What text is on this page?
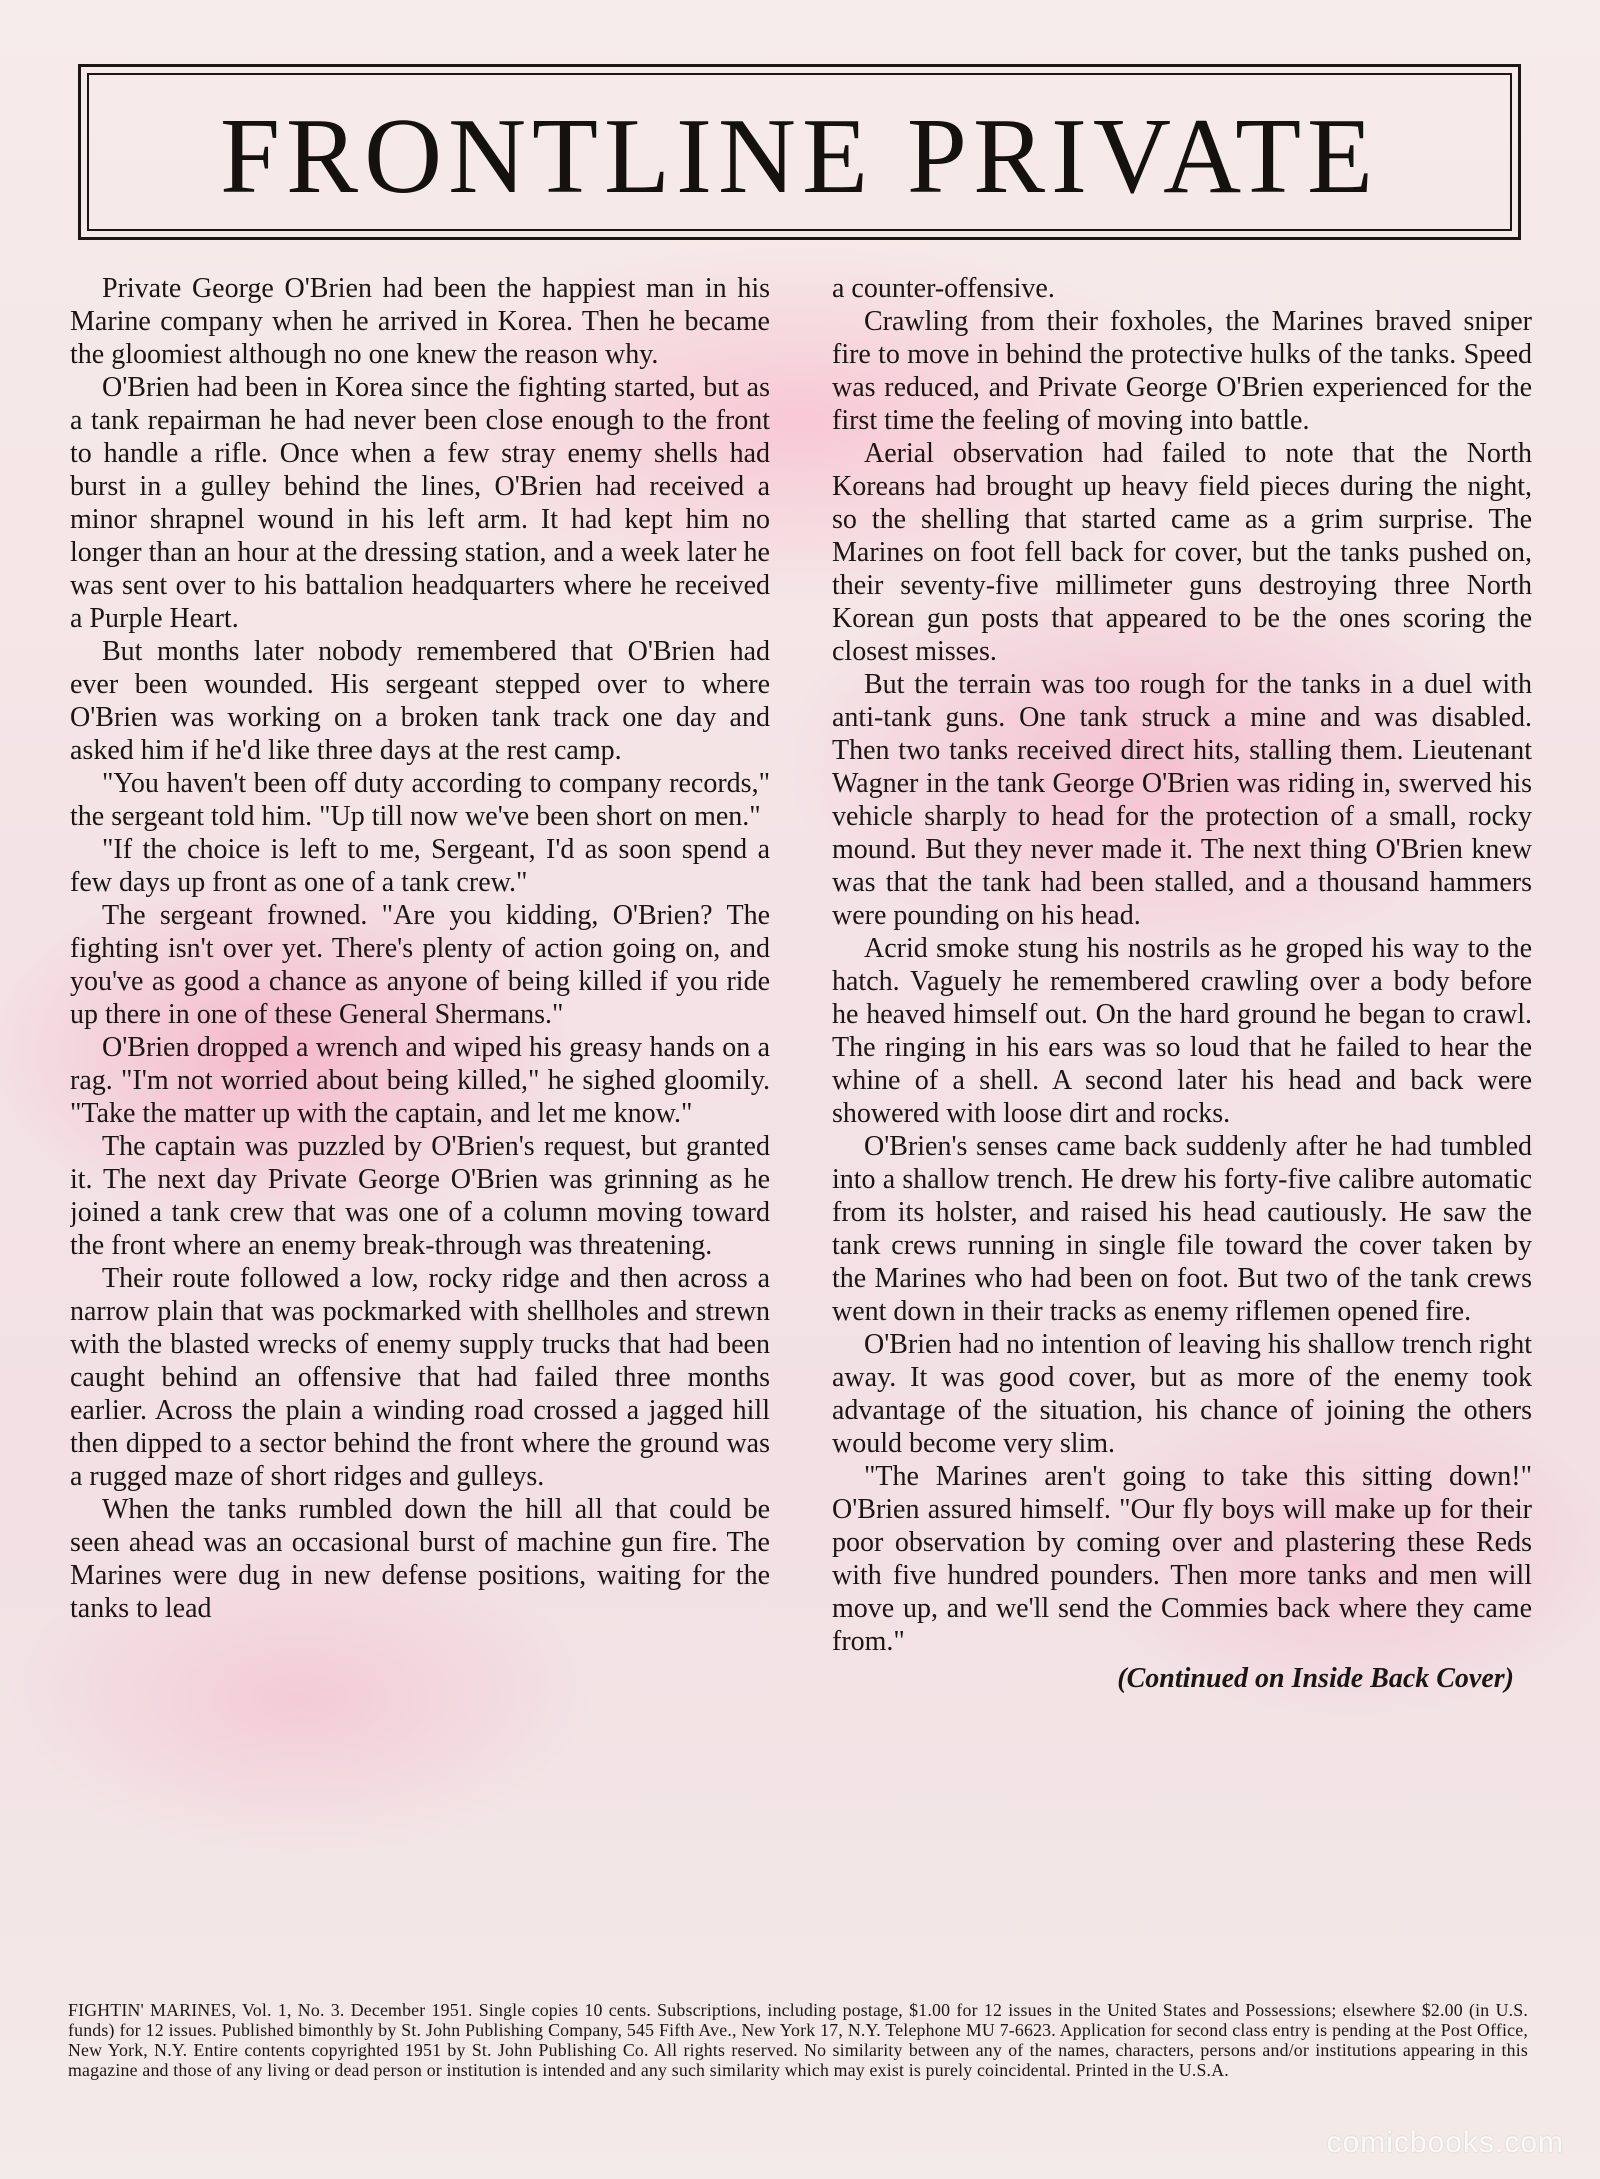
FRONTLINE PRIVATE

Private George O'Brien had been the happiest man in his Marine company when he arrived in Korea. Then he became the gloomiest although no one knew the reason why.

O'Brien had been in Korea since the fighting started, but as a tank repairman he had never been close enough to the front to handle a rifle. Once when a few stray enemy shells had burst in a gulley behind the lines, O'Brien had received a minor shrapnel wound in his left arm. It had kept him no longer than an hour at the dressing station, and a week later he was sent over to his battalion headquarters where he received a Purple Heart.

But months later nobody remembered that O'Brien had ever been wounded. His sergeant stepped over to where O'Brien was working on a broken tank track one day and asked him if he'd like three days at the rest camp.

"You haven't been off duty according to company records," the sergeant told him. "Up till now we've been short on men."

"If the choice is left to me, Sergeant, I'd as soon spend a few days up front as one of a tank crew."

The sergeant frowned. "Are you kidding, O'Brien? The fighting isn't over yet. There's plenty of action going on, and you've as good a chance as anyone of being killed if you ride up there in one of these General Shermans."

O'Brien dropped a wrench and wiped his greasy hands on a rag. "I'm not worried about being killed," he sighed gloomily. "Take the matter up with the captain, and let me know."

The captain was puzzled by O'Brien's request, but granted it. The next day Private George O'Brien was grinning as he joined a tank crew that was one of a column moving toward the front where an enemy break-through was threatening.

Their route followed a low, rocky ridge and then across a narrow plain that was pockmarked with shellholes and strewn with the blasted wrecks of enemy supply trucks that had been caught behind an offensive that had failed three months earlier. Across the plain a winding road crossed a jagged hill then dipped to a sector behind the front where the ground was a rugged maze of short ridges and gulleys.

When the tanks rumbled down the hill all that could be seen ahead was an occasional burst of machine gun fire. The Marines were dug in new defense positions, waiting for the tanks to lead

a counter-offensive.

Crawling from their foxholes, the Marines braved sniper fire to move in behind the protective hulks of the tanks. Speed was reduced, and Private George O'Brien experienced for the first time the feeling of moving into battle.

Aerial observation had failed to note that the North Koreans had brought up heavy field pieces during the night, so the shelling that started came as a grim surprise. The Marines on foot fell back for cover, but the tanks pushed on, their seventy-five millimeter guns destroying three North Korean gun posts that appeared to be the ones scoring the closest misses.

But the terrain was too rough for the tanks in a duel with anti-tank guns. One tank struck a mine and was disabled. Then two tanks received direct hits, stalling them. Lieutenant Wagner in the tank George O'Brien was riding in, swerved his vehicle sharply to head for the protection of a small, rocky mound. But they never made it. The next thing O'Brien knew was that the tank had been stalled, and a thousand hammers were pounding on his head.

Acrid smoke stung his nostrils as he groped his way to the hatch. Vaguely he remembered crawling over a body before he heaved himself out. On the hard ground he began to crawl. The ringing in his ears was so loud that he failed to hear the whine of a shell. A second later his head and back were showered with loose dirt and rocks.

O'Brien's senses came back suddenly after he had tumbled into a shallow trench. He drew his forty-five calibre automatic from its holster, and raised his head cautiously. He saw the tank crews running in single file toward the cover taken by the Marines who had been on foot. But two of the tank crews went down in their tracks as enemy riflemen opened fire.

O'Brien had no intention of leaving his shallow trench right away. It was good cover, but as more of the enemy took advantage of the situation, his chance of joining the others would become very slim.

"The Marines aren't going to take this sitting down!" O'Brien assured himself. "Our fly boys will make up for their poor observation by coming over and plastering these Reds with five hundred pounders. Then more tanks and men will move up, and we'll send the Commies back where they came from."

(Continued on Inside Back Cover)
FIGHTIN' MARINES, Vol. 1, No. 3. December 1951. Single copies 10 cents. Subscriptions, including postage, $1.00 for 12 issues in the United States and Possessions; elsewhere $2.00 (in U.S. funds) for 12 issues. Published bimonthly by St. John Publishing Company, 545 Fifth Ave., New York 17, N.Y. Telephone MU 7-6623. Application for second class entry is pending at the Post Office, New York, N.Y. Entire contents copyrighted 1951 by St. John Publishing Co. All rights reserved. No similarity between any of the names, characters, persons and/or institutions appearing in this magazine and those of any living or dead person or institution is intended and any such similarity which may exist is purely coincidental. Printed in the U.S.A.
comicbooks.com
